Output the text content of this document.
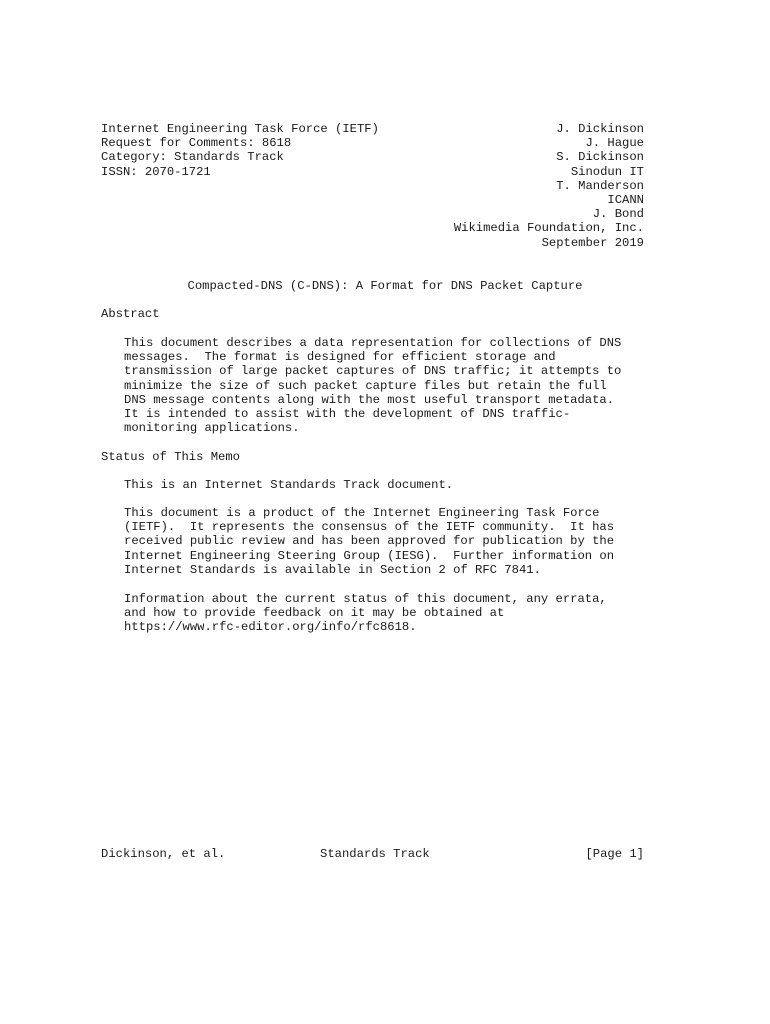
Internet Engineering Task Force (IETF)
Request for Comments: 8618
Category: Standards Track
ISSN: 2070-1721
J. Dickinson
J. Hague
S. Dickinson
Sinodun IT
T. Manderson
ICANN
J. Bond
Wikimedia Foundation, Inc.
September 2019
Compacted-DNS (C-DNS): A Format for DNS Packet Capture
Abstract
This document describes a data representation for collections of DNS
messages.  The format is designed for efficient storage and
transmission of large packet captures of DNS traffic; it attempts to
minimize the size of such packet capture files but retain the full
DNS message contents along with the most useful transport metadata.
It is intended to assist with the development of DNS traffic-
monitoring applications.
Status of This Memo
This is an Internet Standards Track document.
This document is a product of the Internet Engineering Task Force
(IETF).  It represents the consensus of the IETF community.  It has
received public review and has been approved for publication by the
Internet Engineering Steering Group (IESG).  Further information on
Internet Standards is available in Section 2 of RFC 7841.
Information about the current status of this document, any errata,
and how to provide feedback on it may be obtained at
https://www.rfc-editor.org/info/rfc8618.
Dickinson, et al.	Standards Track	[Page 1]
